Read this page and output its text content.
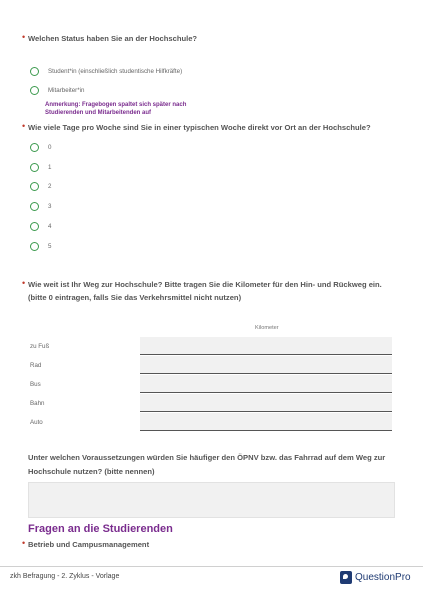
• Welchen Status haben Sie an der Hochschule?
Student*in (einschließlich studentische Hilfkräfte)
Mitarbeiter*in
Anmerkung: Fragebogen spaltet sich später nach
Studierenden und Mitarbeitenden auf
• Wie viele Tage pro Woche sind Sie in einer typischen Woche direkt vor Ort an der Hochschule?
0
1
2
3
4
5
• Wie weit ist Ihr Weg zur Hochschule? Bitte tragen Sie die Kilometer für den Hin- und Rückweg ein.
(bitte 0 eintragen, falls Sie das Verkehrsmittel nicht nutzen)
Kilometer
zu Fuß
Rad
Bus
Bahn
Auto
Unter welchen Voraussetzungen würden Sie häufiger den ÖPNV bzw. das Fahrrad auf dem Weg zur
Hochschule nutzen? (bitte nennen)
Fragen an die Studierenden
• Betrieb und Campusmanagement
zkh Befragung - 2. Zyklus - Vorlage	QuestionPro
